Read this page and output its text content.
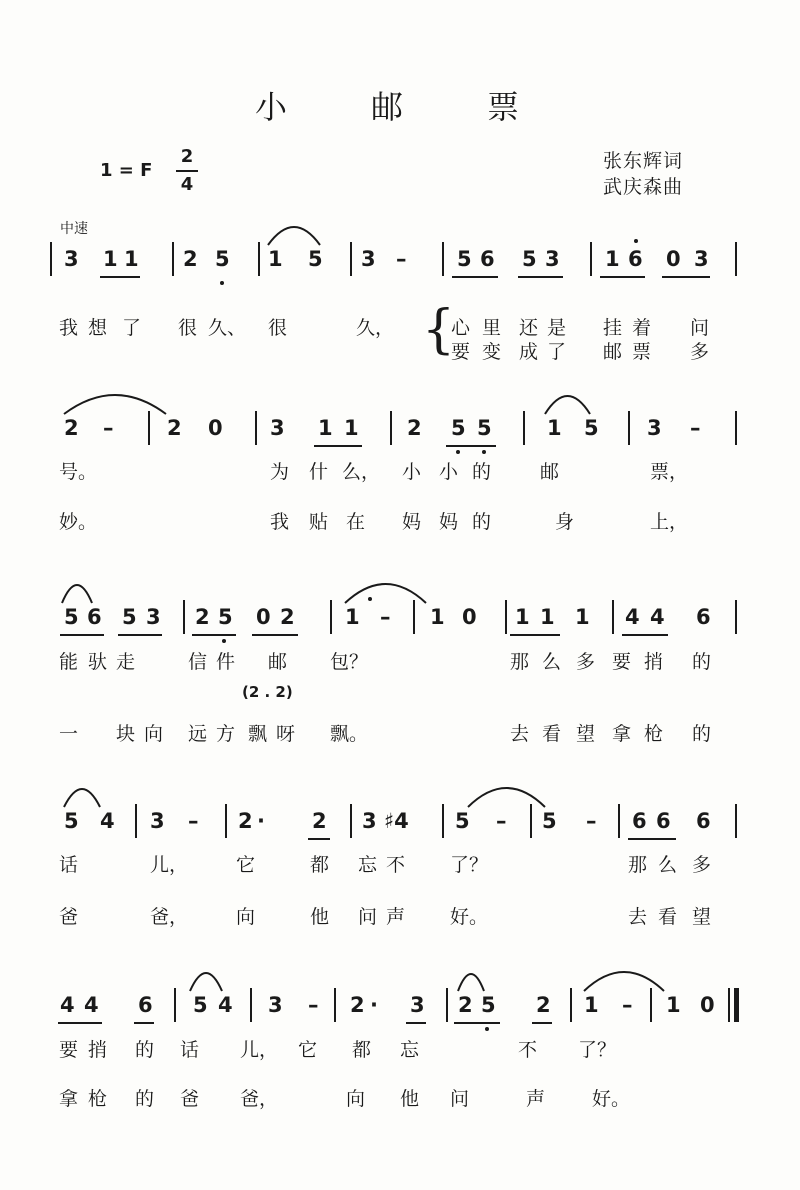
小　邮　票
张东辉词
武庆森曲
1 = F
2
4
中速
3 1 1 2 5 1 5 3 – 5 6 5 3 1 6 0 3
我 想 了 很 久、 很	久，	心 里 还 是 挂 着 问
要 变 成 了 邮 票 多
{
2 –	2 0 3 1 1 2 5 5	1 5 3 –
号。	为 什 么， 小 小 的	邮	票，
妙。	我 贴 在 妈 妈 的	身	上，
5 6 5 3 2 5 0 2 1 – 1 0 1 1 1 4 4 6
能 驮 走	信 件 邮 包？	那 么 多 要 捎 的
一 块 向 远 方 飘 呀 飘。	去 看 望 拿 枪 的
(2 . 2)
5 4 3 – 2 · 2 3 ♯4 5 – 5 – 6 6 6
话	儿，	它	都 忘 不 了？	那 么 多
爸	爸，	向	他 问 声 好。	去 看 望
4 4 6 5 4 3 – 2 · 3 2 5 2 1 – 1 0
要 捎 的 话 儿， 它 都 忘	不 了？
拿 枪 的 爸 爸，	向 他 问	声 好。
